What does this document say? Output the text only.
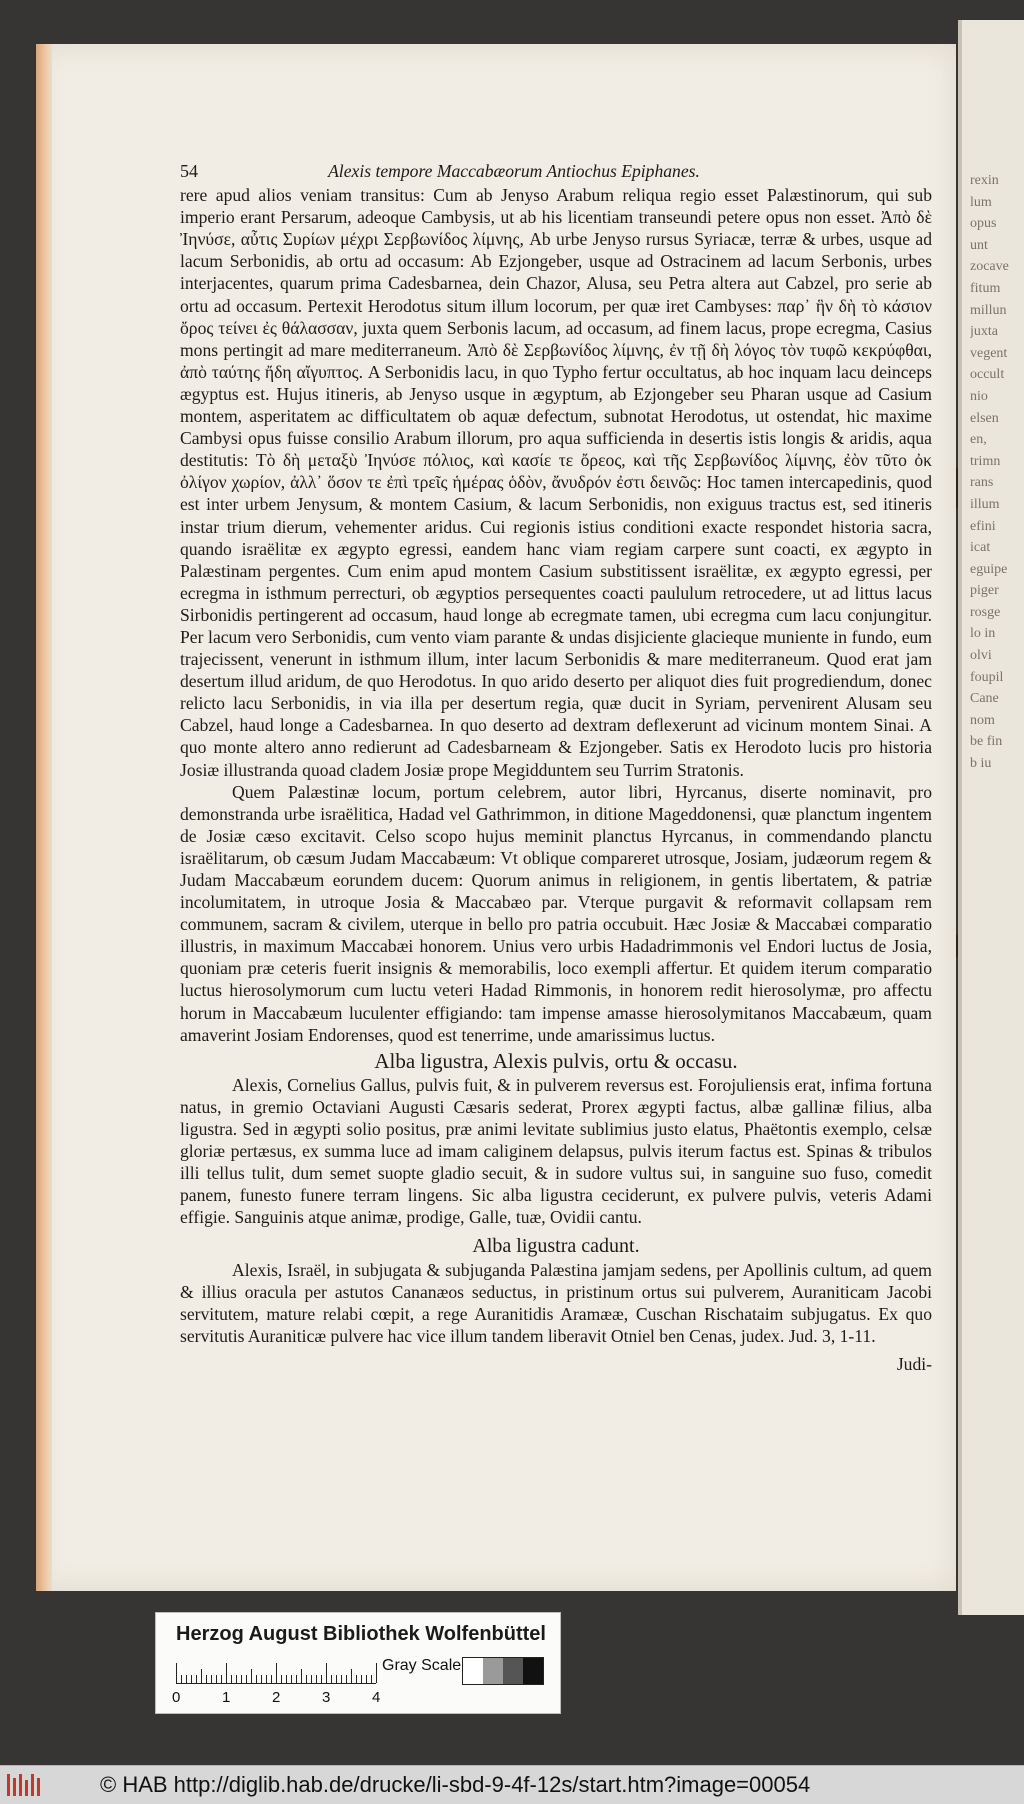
rexin
lum
opus
unt
zocave
fitum
millun
juxta
vegent
occult
nio
elsen
en,
trimn
rans
illum
efini
icat
eguipe
piger
rosge
lo in
olvi
foupil
Cane
nom
be fin
b iu
54	Alexis tempore Maccabæorum Antiochus Epiphanes.

rere apud alios veniam transitus: Cum ab Jenyso Arabum reliqua regio esset Palæstinorum, qui sub imperio erant Persarum, adeoque Cambysis, ut ab his licentiam transeundi petere opus non esset. Ἀπὸ δὲ Ἰηνύσε, αὖτις Συρίων μέχρι Σερβωνίδος λίμνης, Ab urbe Jenyso rursus Syriacæ, terræ & urbes, usque ad lacum Serbonidis, ab ortu ad occasum: Ab Ezjongeber, usque ad Ostracinem ad lacum Serbonis, urbes interjacentes, quarum prima Cadesbarnea, dein Chazor, Alusa, seu Petra altera aut Cabzel, pro serie ab ortu ad occasum. Pertexit Herodotus situm illum locorum, per quæ iret Cambyses: παρ᾽ ἣν δὴ τὸ κάσιον ὄρος τείνει ἐς θάλασσαν, juxta quem Serbonis lacum, ad occasum, ad finem lacus, prope ecregma, Casius mons pertingit ad mare mediterraneum. Ἀπὸ δὲ Σερβωνίδος λίμνης, ἐν τῇ δὴ λόγος τὸν τυφῶ κεκρύφθαι, ἀπὸ ταύτης ἤδη αἴγυπτος. A Serbonidis lacu, in quo Typho fertur occultatus, ab hoc inquam lacu deinceps ægyptus est. Hujus itineris, ab Jenyso usque in ægyptum, ab Ezjongeber seu Pharan usque ad Casium montem, asperitatem ac difficultatem ob aquæ defectum, subnotat Herodotus, ut ostendat, hic maxime Cambysi opus fuisse consilio Arabum illorum, pro aqua sufficienda in desertis istis longis & aridis, aqua destitutis: Τὸ δὴ μεταξὺ Ἰηνύσε πόλιος, καὶ κασίε τε ὄρεος, καὶ τῆς Σερβωνίδος λίμνης, ἐὸν τῦτο ὀκ ὀλίγον χωρίον, ἀλλ᾽ ὅσον τε ἐπὶ τρεῖς ἡμέρας ὁδὸν, ἄνυδρόν ἐστι δεινῶς: Hoc tamen intercapedinis, quod est inter urbem Jenysum, & montem Casium, & lacum Serbonidis, non exiguus tractus est, sed itineris instar trium dierum, vehementer aridus. Cui regionis istius conditioni exacte respondet historia sacra, quando israëlitæ ex ægypto egressi, eandem hanc viam regiam carpere sunt coacti, ex ægypto in Palæstinam pergentes. Cum enim apud montem Casium substitissent israëlitæ, ex ægypto egressi, per ecregma in isthmum perrecturi, ob ægyptios persequentes coacti paululum retrocedere, ut ad littus lacus Sirbonidis pertingerent ad occasum, haud longe ab ecregmate tamen, ubi ecregma cum lacu conjungitur. Per lacum vero Serbonidis, cum vento viam parante & undas disjiciente glacieque muniente in fundo, eum trajecissent, venerunt in isthmum illum, inter lacum Serbonidis & mare mediterraneum. Quod erat jam desertum illud aridum, de quo Herodotus. In quo arido deserto per aliquot dies fuit progrediendum, donec relicto lacu Serbonidis, in via illa per desertum regia, quæ ducit in Syriam, pervenirent Alusam seu Cabzel, haud longe a Cadesbarnea. In quo deserto ad dextram deflexerunt ad vicinum montem Sinai. A quo monte altero anno redierunt ad Cadesbarneam & Ezjongeber. Satis ex Herodoto lucis pro historia Josiæ illustranda quoad cladem Josiæ prope Megidduntem seu Turrim Stratonis.

Quem Palæstinæ locum, portum celebrem, autor libri, Hyrcanus, diserte nominavit, pro demonstranda urbe israëlitica, Hadad vel Gathrimmon, in ditione Mageddonensi, quæ planctum ingentem de Josiæ cæso excitavit. Celso scopo hujus meminit planctus Hyrcanus, in commendando planctu israëlitarum, ob cæsum Judam Maccabæum: Vt oblique compareret utrosque, Josiam, judæorum regem & Judam Maccabæum eorundem ducem: Quorum animus in religionem, in gentis libertatem, & patriæ incolumitatem, in utroque Josia & Maccabæo par. Vterque purgavit & reformavit collapsam rem communem, sacram & civilem, uterque in bello pro patria occubuit. Hæc Josiæ & Maccabæi comparatio illustris, in maximum Maccabæi honorem. Unius vero urbis Hadadrimmonis vel Endori luctus de Josia, quoniam præ ceteris fuerit insignis & memorabilis, loco exempli affertur. Et quidem iterum comparatio luctus hierosolymorum cum luctu veteri Hadad Rimmonis, in honorem redit hierosolymæ, pro affectu horum in Maccabæum luculenter effigiando: tam impense amasse hierosolymitanos Maccabæum, quam amaverint Josiam Endorenses, quod est tenerrime, unde amarissimus luctus.

Alba ligustra, Alexis pulvis, ortu & occasu.

Alexis, Cornelius Gallus, pulvis fuit, & in pulverem reversus est. Forojuliensis erat, infima fortuna natus, in gremio Octaviani Augusti Cæsaris sederat, Prorex ægypti factus, albæ gallinæ filius, alba ligustra. Sed in ægypti solio positus, præ animi levitate sublimius justo elatus, Phaëtontis exemplo, celsæ gloriæ pertæsus, ex summa luce ad imam caliginem delapsus, pulvis iterum factus est. Spinas & tribulos illi tellus tulit, dum semet suopte gladio secuit, & in sudore vultus sui, in sanguine suo fuso, comedit panem, funesto funere terram lingens. Sic alba ligustra ceciderunt, ex pulvere pulvis, veteris Adami effigie. Sanguinis atque animæ, prodige, Galle, tuæ, Ovidii cantu.

Alba ligustra cadunt.

Alexis, Israël, in subjugata & subjuganda Palæstina jamjam sedens, per Apollinis cultum, ad quem & illius oracula per astutos Cananæos seductus, in pristinum ortus sui pulverem, Auraniticam Jacobi servitutem, mature relabi cœpit, a rege Auranitidis Aramææ, Cuschan Rischataim subjugatus. Ex quo servitutis Auraniticæ pulvere hac vice illum tandem liberavit Otniel ben Cenas, judex. Jud. 3, 1-11.

Judi-
Herzog August Bibliothek Wolfenbüttel
0	1	2	3	4
Gray Scale
© HAB http://diglib.hab.de/drucke/li-sbd-9-4f-12s/start.htm?image=00054
